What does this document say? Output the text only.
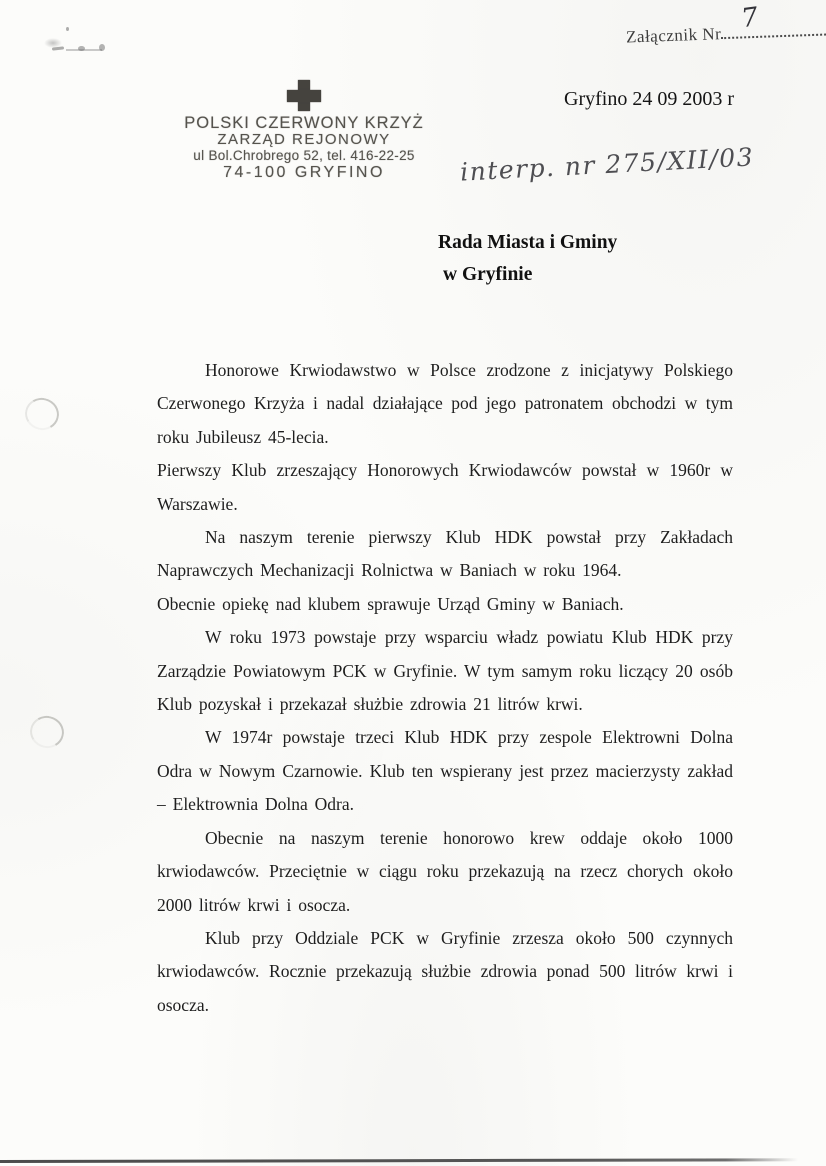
Załącznik Nr
7
POLSKI CZERWONY KRZYŻ
ZARZĄD REJONOWY
ul Bol.Chrobrego 52, tel. 416-22-25
74-100 GRYFINO
Gryfino 24 09 2003 r
interp. nr 275/XII/03
Rada Miasta i Gminy
w Gryfinie

Honorowe Krwiodawstwo w Polsce zrodzone z inicjatywy Polskiego Czerwonego Krzyża i nadal działające pod jego patronatem obchodzi w tym roku Jubileusz 45-lecia.

Pierwszy Klub zrzeszający Honorowych Krwiodawców powstał w 1960r w Warszawie.

Na naszym terenie pierwszy Klub HDK powstał przy Zakładach Naprawczych Mechanizacji Rolnictwa w Baniach w roku 1964.

Obecnie opiekę nad klubem sprawuje Urząd Gminy w Baniach.

W roku 1973 powstaje przy wsparciu władz powiatu Klub HDK przy Zarządzie Powiatowym PCK w Gryfinie. W tym samym roku liczący 20 osób Klub pozyskał i przekazał służbie zdrowia 21 litrów krwi.

W 1974r powstaje trzeci Klub HDK przy zespole Elektrowni Dolna Odra w Nowym Czarnowie. Klub ten wspierany jest przez macierzysty zakład – Elektrownia Dolna Odra.

Obecnie na naszym terenie honorowo krew oddaje około 1000 krwiodawców. Przeciętnie w ciągu roku przekazują na rzecz chorych około 2000 litrów krwi i osocza.

Klub przy Oddziale PCK w Gryfinie zrzesza około 500 czynnych krwiodawców. Rocznie przekazują służbie zdrowia ponad 500 litrów krwi i osocza.
